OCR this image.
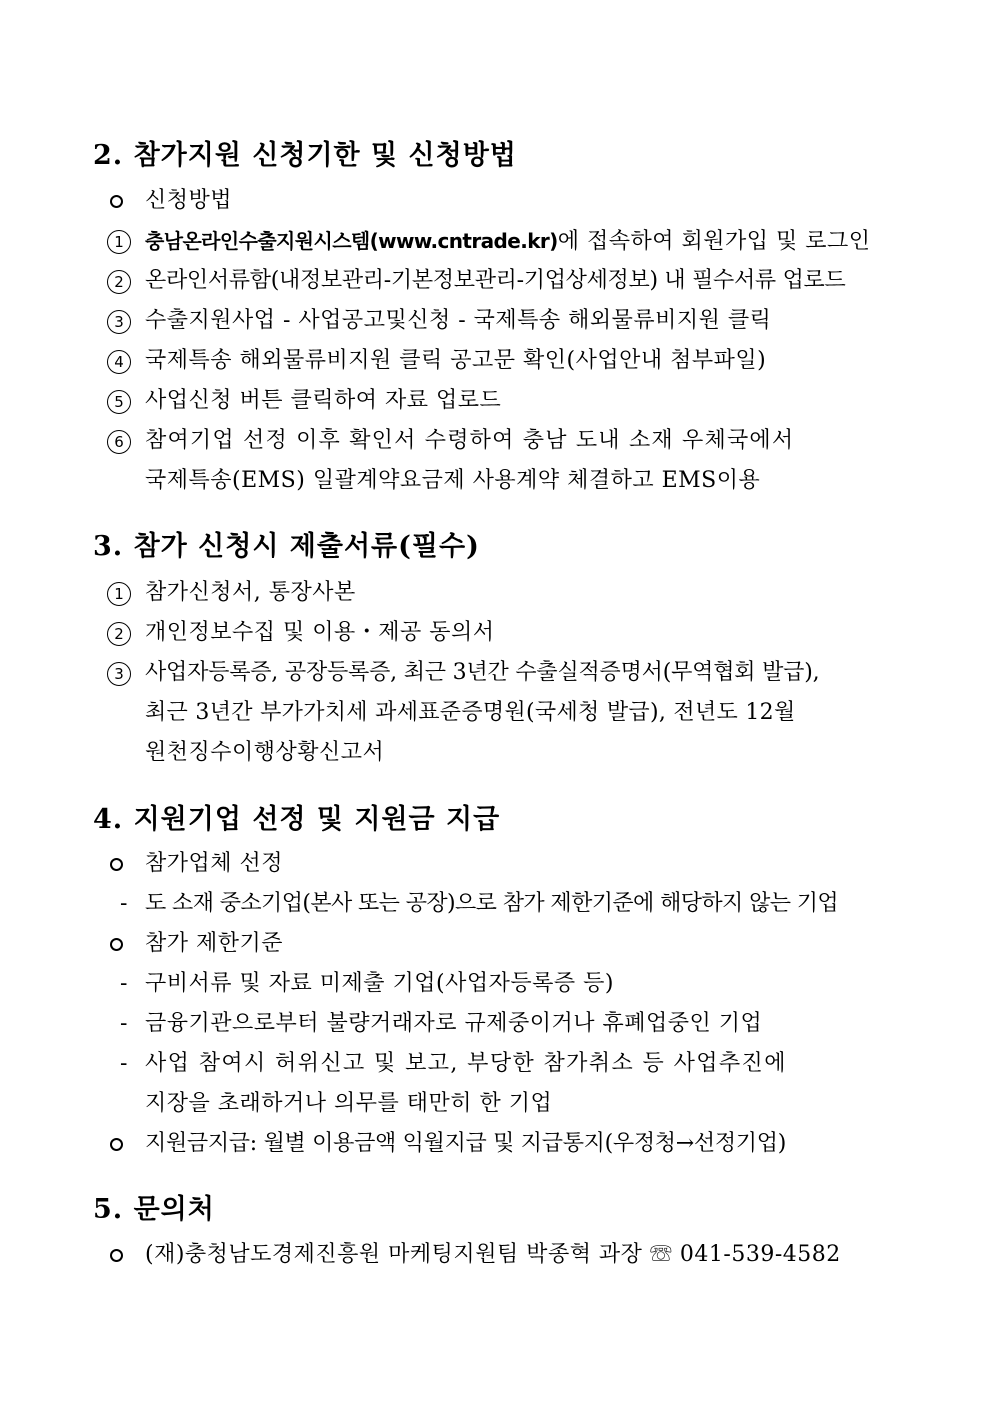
2. 참가지원 신청기한 및 신청방법
신청방법
1	충남온라인수출지원시스템(www.cntrade.kr)에 접속하여 회원가입 및 로그인
2 온라인서류함(내정보관리-기본정보관리-기업상세정보) 내 필수서류 업로드
3 수출지원사업 - 사업공고및신청 - 국제특송 해외물류비지원 클릭
4 국제특송 해외물류비지원 클릭 공고문 확인(사업안내 첨부파일)
5 사업신청 버튼 클릭하여 자료 업로드
6 참여기업 선정 이후 확인서 수령하여 충남 도내 소재 우체국에서
국제특송(EMS) 일괄계약요금제 사용계약 체결하고 EMS이용
3. 참가 신청시 제출서류(필수)
1 참가신청서, 통장사본
2 개인정보수집 및 이용・제공 동의서
3 사업자등록증, 공장등록증, 최근 3년간 수출실적증명서(무역협회 발급),
최근 3년간 부가가치세 과세표준증명원(국세청 발급), 전년도 12월
원천징수이행상황신고서
4. 지원기업 선정 및 지원금 지급
참가업체 선정
- 도 소재 중소기업(본사 또는 공장)으로 참가 제한기준에 해당하지 않는 기업
참가 제한기준
- 구비서류 및 자료 미제출 기업(사업자등록증 등)
- 금융기관으로부터 불량거래자로 규제중이거나 휴폐업중인 기업
- 사업 참여시 허위신고 및 보고, 부당한 참가취소 등 사업추진에
지장을 초래하거나 의무를 태만히 한 기업
지원금지급: 월별 이용금액 익월지급 및 지급통지(우정청→선정기업)
5. 문의처
(재)충청남도경제진흥원 마케팅지원팀 박종혁 과장 ☏ 041-539-4582
